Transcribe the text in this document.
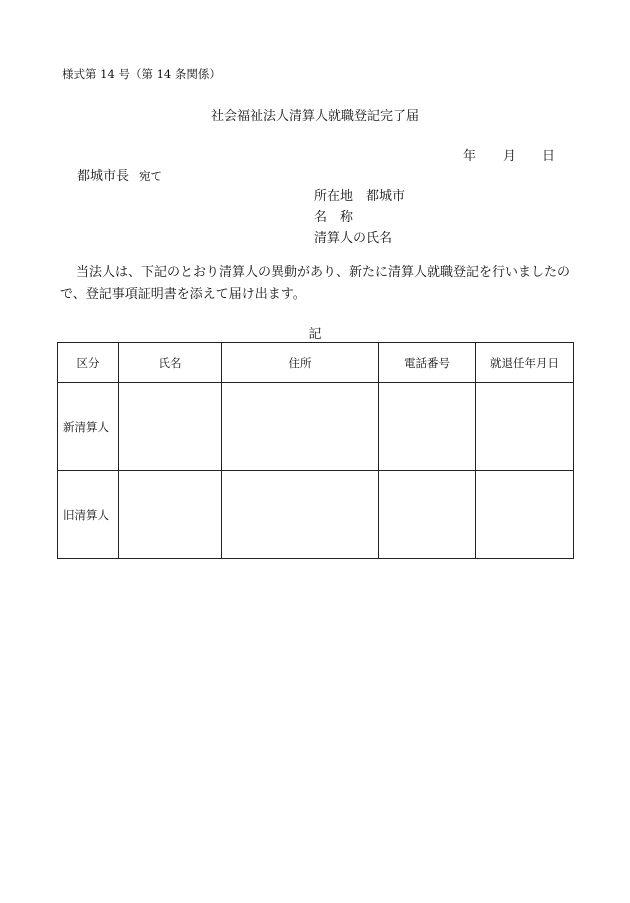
様式第 14 号（第 14 条関係）
社会福祉法人清算人就職登記完了届
年 月 日
都城市長 宛て
所在地 都城市
名　称
清算人の氏名
当法人は、下記のとおり清算人の異動があり、新たに清算人就職登記を行いましたので、登記事項証明書を添えて届け出ます。
記
区分	氏名	住所	電話番号	就退任年月日
新清算人				
旧清算人				
